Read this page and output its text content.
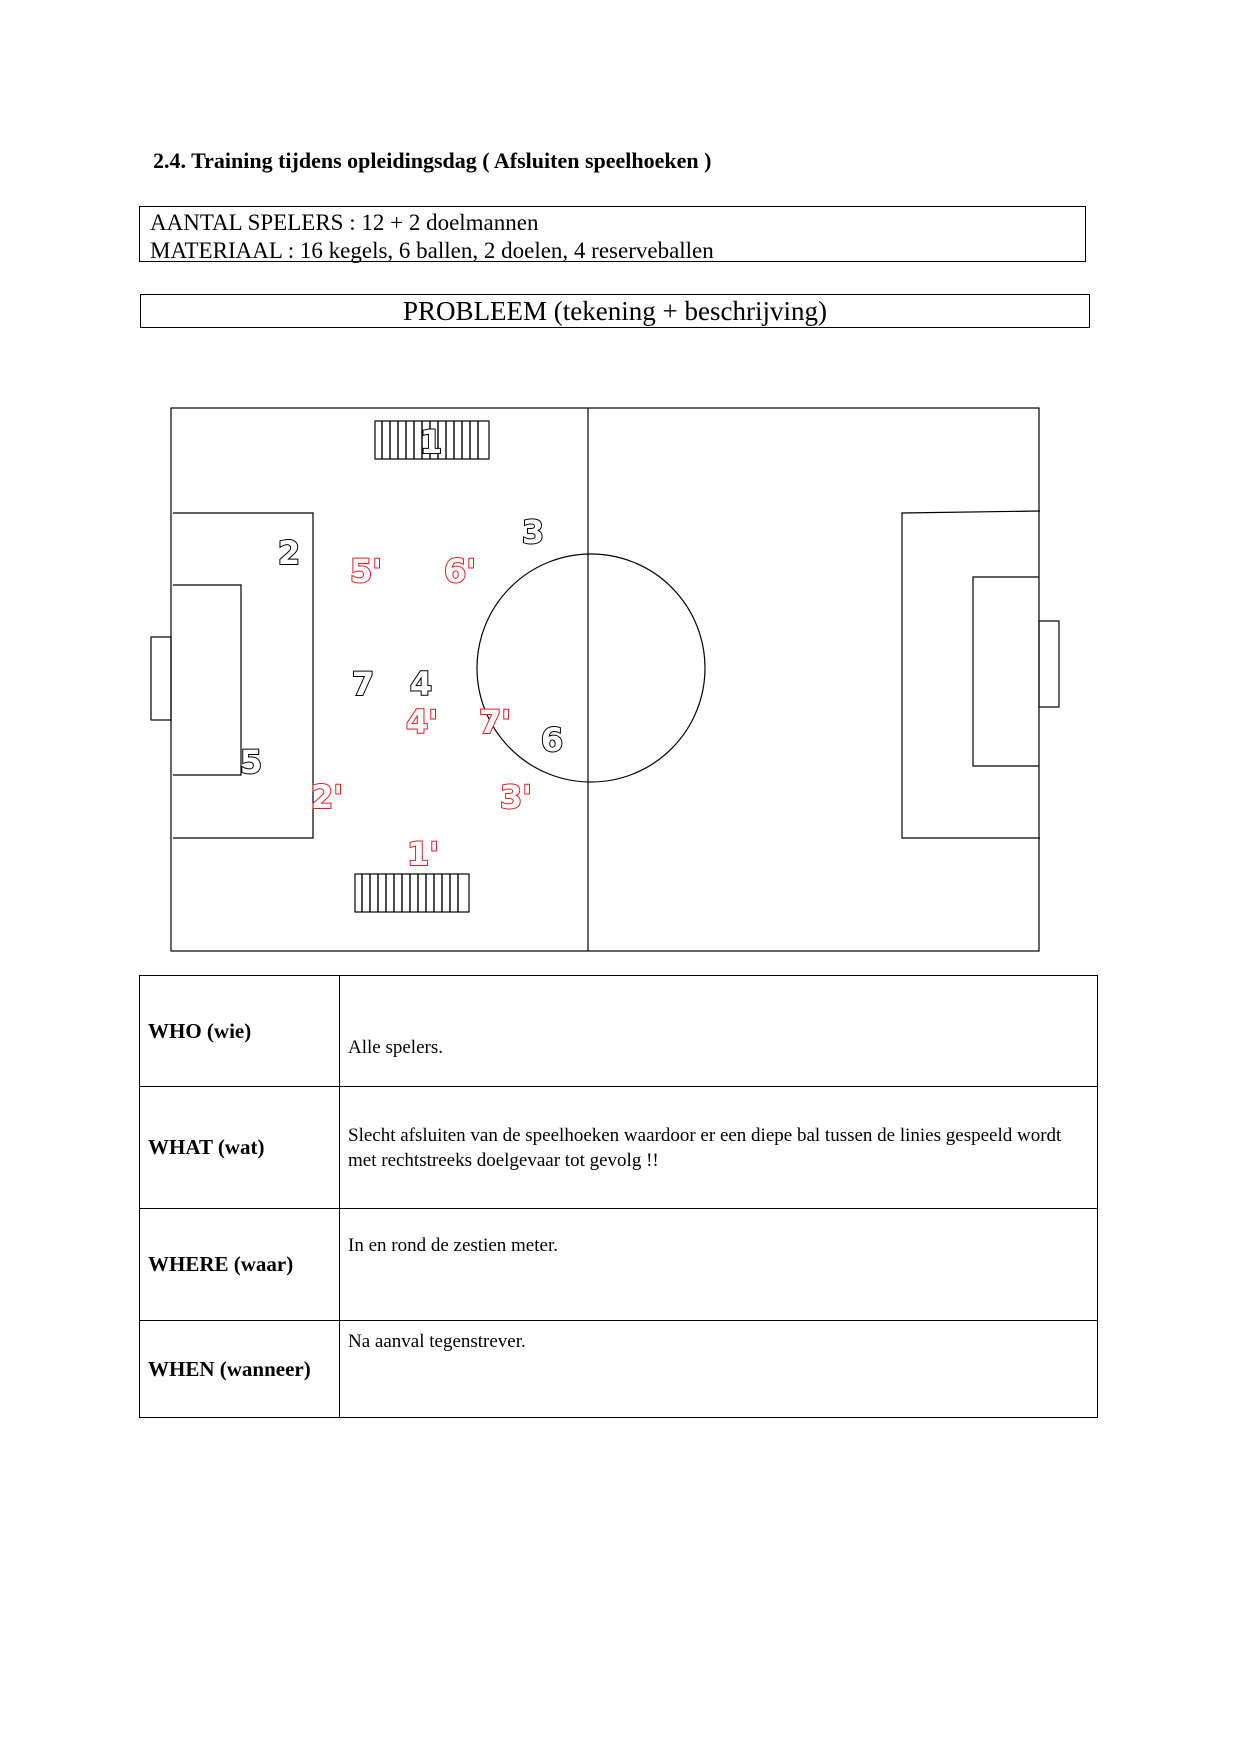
2.4. Training tijdens opleidingsdag ( Afsluiten speelhoeken )
AANTAL SPELERS : 12 + 2 doelmannen
MATERIAAL : 16 kegels, 6 ballen, 2 doelen, 4 reserveballen
PROBLEEM (tekening + beschrijving)
1
2
3
4
5
6
7
1'
2'	3'
4'
5' 6'
7'
WHO (wie)	Alle spelers.
WHAT (wat)	Slecht afsluiten van de speelhoeken waardoor er een diepe bal tussen de linies gespeeld wordt met rechtstreeks doelgevaar tot gevolg !!
WHERE (waar)	In en rond de zestien meter.
WHEN (wanneer)	Na aanval tegenstrever.
